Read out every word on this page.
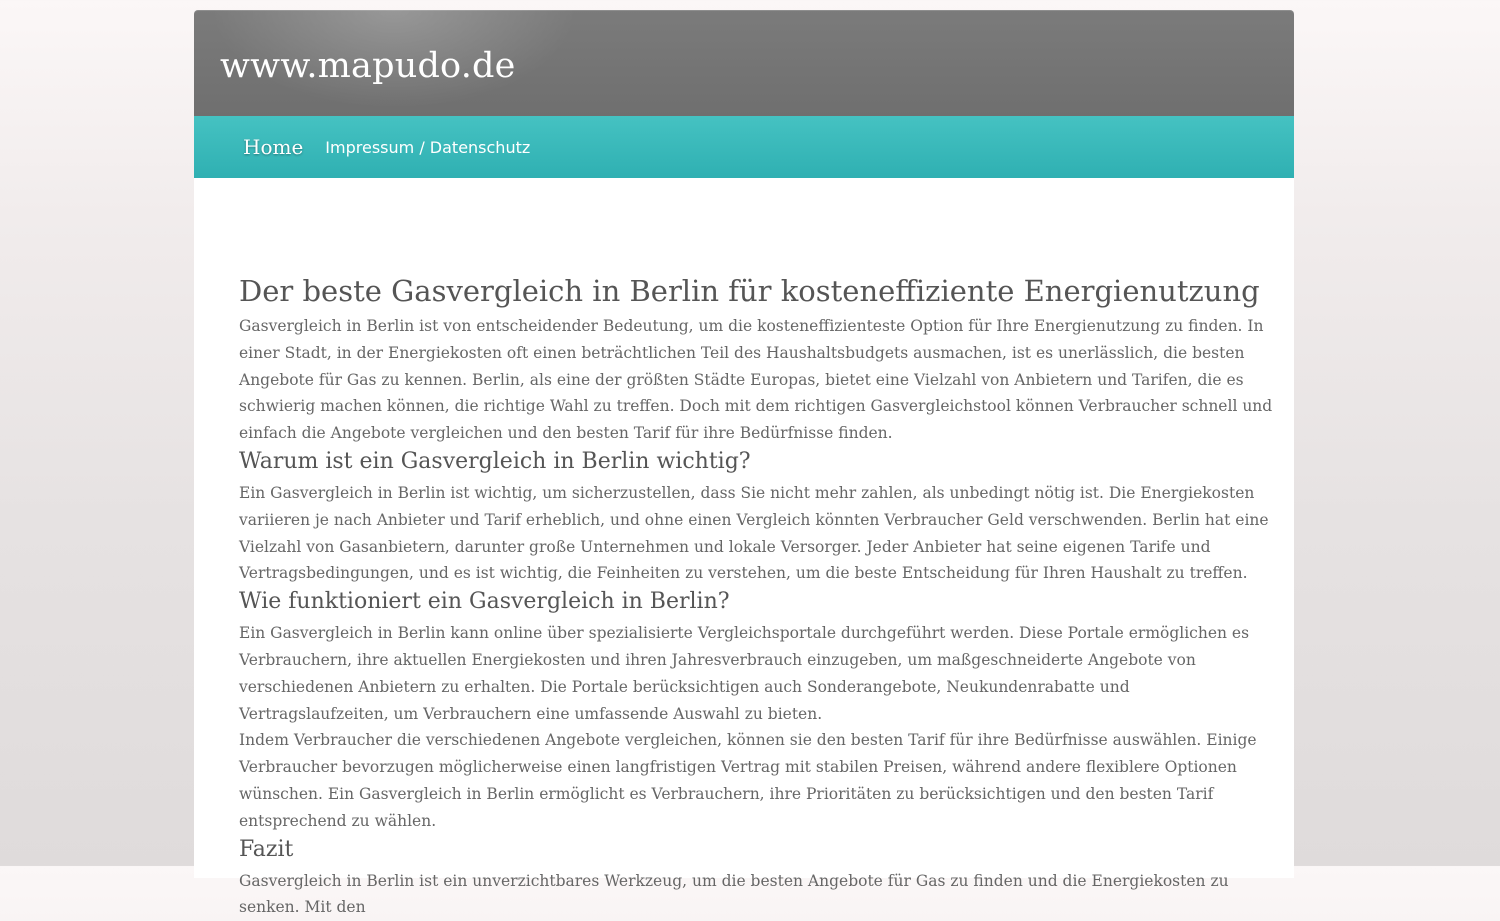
www.mapudo.de
Home Impressum / Datenschutz
Der beste Gasvergleich in Berlin für kosteneffiziente Energienutzung

Gasvergleich in Berlin ist von entscheidender Bedeutung, um die kosteneffizienteste Option für Ihre Energienutzung zu finden. In einer Stadt, in der Energiekosten oft einen beträchtlichen Teil des Haushaltsbudgets ausmachen, ist es unerlässlich, die besten Angebote für Gas zu kennen. Berlin, als eine der größten Städte Europas, bietet eine Vielzahl von Anbietern und Tarifen, die es schwierig machen können, die richtige Wahl zu treffen. Doch mit dem richtigen Gasvergleichstool können Verbraucher schnell und einfach die Angebote vergleichen und den besten Tarif für ihre Bedürfnisse finden.

Warum ist ein Gasvergleich in Berlin wichtig?

Ein Gasvergleich in Berlin ist wichtig, um sicherzustellen, dass Sie nicht mehr zahlen, als unbedingt nötig ist. Die Energiekosten variieren je nach Anbieter und Tarif erheblich, und ohne einen Vergleich könnten Verbraucher Geld verschwenden. Berlin hat eine Vielzahl von Gasanbietern, darunter große Unternehmen und lokale Versorger. Jeder Anbieter hat seine eigenen Tarife und Vertragsbedingungen, und es ist wichtig, die Feinheiten zu verstehen, um die beste Entscheidung für Ihren Haushalt zu treffen.

Wie funktioniert ein Gasvergleich in Berlin?

Ein Gasvergleich in Berlin kann online über spezialisierte Vergleichsportale durchgeführt werden. Diese Portale ermöglichen es Verbrauchern, ihre aktuellen Energiekosten und ihren Jahresverbrauch einzugeben, um maßgeschneiderte Angebote von verschiedenen Anbietern zu erhalten. Die Portale berücksichtigen auch Sonderangebote, Neukundenrabatte und Vertragslaufzeiten, um Verbrauchern eine umfassende Auswahl zu bieten.

Indem Verbraucher die verschiedenen Angebote vergleichen, können sie den besten Tarif für ihre Bedürfnisse auswählen. Einige Verbraucher bevorzugen möglicherweise einen langfristigen Vertrag mit stabilen Preisen, während andere flexiblere Optionen wünschen. Ein Gasvergleich in Berlin ermöglicht es Verbrauchern, ihre Prioritäten zu berücksichtigen und den besten Tarif entsprechend zu wählen.

Fazit

Gasvergleich in Berlin ist ein unverzichtbares Werkzeug, um die besten Angebote für Gas zu finden und die Energiekosten zu senken. Mit den
